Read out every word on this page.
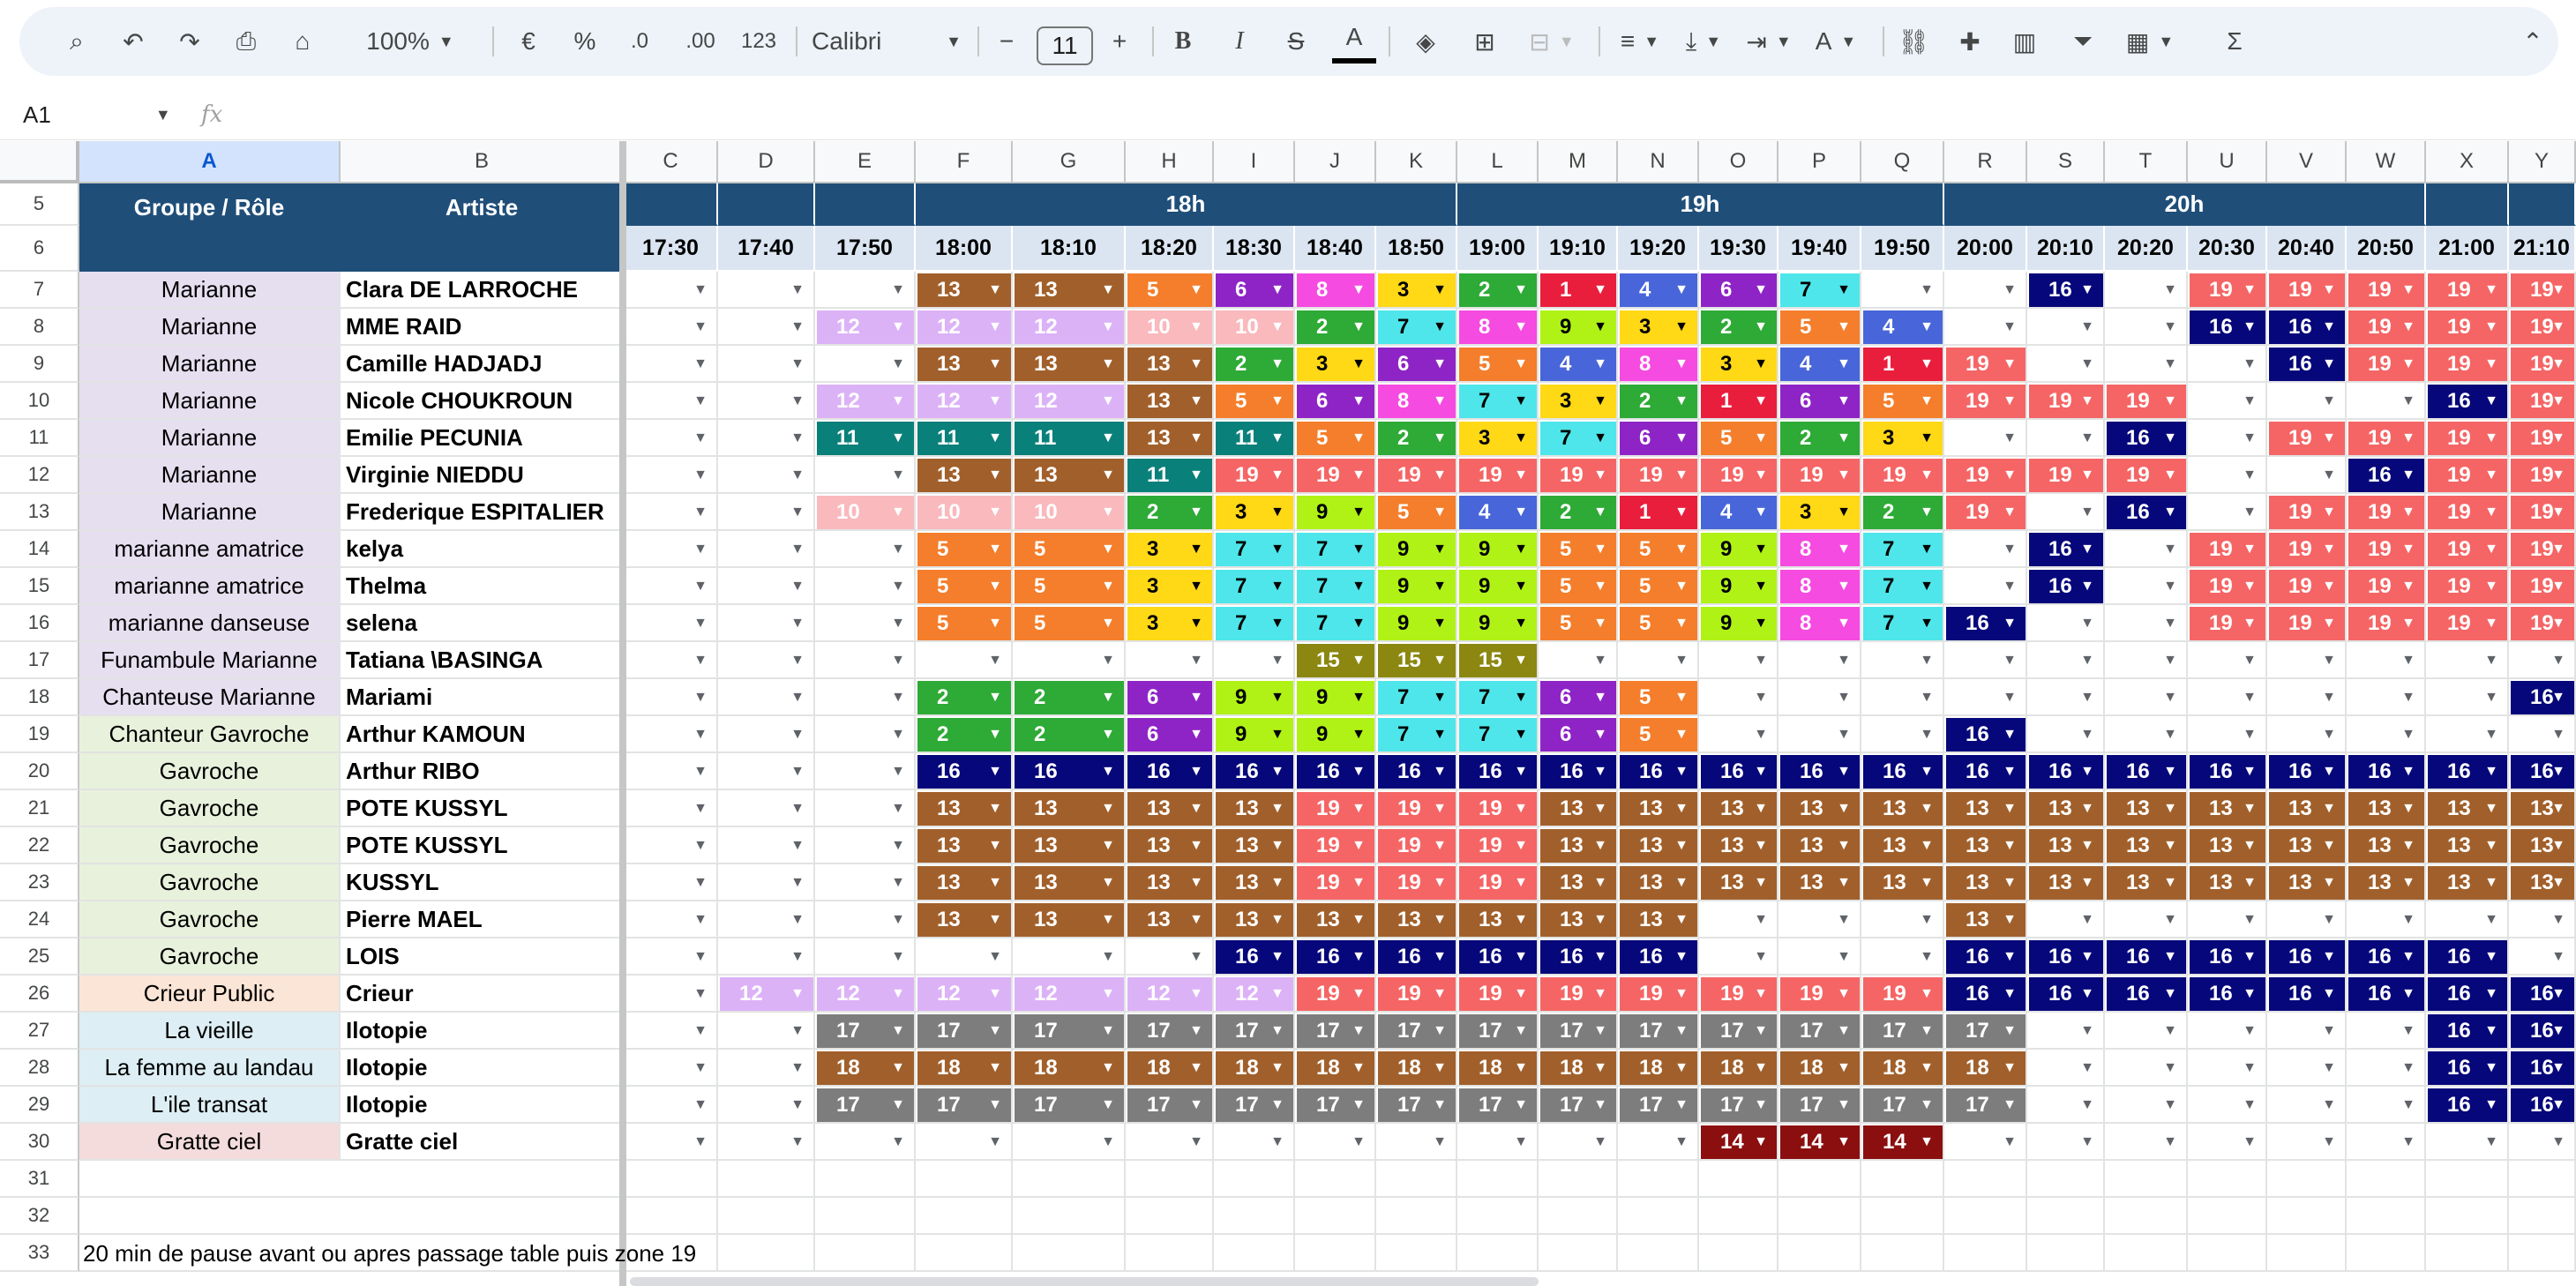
⌕	↶	↷	⎙	⌂	100% ▼	€	%	.0	.00	123 Calibri	▼	−	11	+	B	I	S	A	◈	⊞	⊟ ▼	≡ ▼	⤓ ▼	⇥ ▼ A ▼ ⛓	✚	▥	⏷	▦ ▼	Σ	⌃
A1	▼ fx
A	B	C	D	E	F	G	H	I	J	K	L	M	N	O	P	Q	R	S	T	U	V	W	X	Y
5
6
7
8
9
10
11
12
13
14
15
16
17
18
19
20
21
22
23
24
25
26
27
28
29
30
31
32
33
Groupe / Rôle	Artiste	18h	19h	20h
17:30	17:40	17:50	18:00	18:10	18:20	18:30	18:40	18:50	19:00	19:10	19:20	19:30	19:40	19:50	20:00	20:10	20:20	20:30	20:40	20:50	21:00 21:10
Marianne	Clara DE LARROCHE	▼	▼	▼ 13 ▼ 13	▼ 5 ▼ 6 ▼ 8 ▼ 3 ▼ 2 ▼ 1 ▼ 4 ▼ 6 ▼ 7 ▼	▼	▼ 16 ▼	▼ 19 ▼ 19 ▼ 19 ▼ 19 ▼ 19
▼
Marianne	MME RAID	▼	▼ 12 ▼ 12 ▼ 12	▼ 10 ▼ 10 ▼ 2 ▼ 7 ▼ 8 ▼ 9 ▼ 3 ▼ 2 ▼ 5 ▼ 4 ▼	▼	▼	▼ 16 ▼ 16 ▼ 19 ▼ 19 ▼ 19
▼
Marianne	Camille HADJADJ	▼	▼	▼ 13 ▼ 13	▼ 13 ▼ 2 ▼ 3 ▼ 6 ▼ 5 ▼ 4 ▼ 8 ▼ 3 ▼ 4 ▼ 1 ▼ 19 ▼	▼	▼	▼ 16 ▼ 19 ▼ 19 ▼ 19
▼
Marianne	Nicole CHOUKROUN	▼	▼ 12 ▼ 12 ▼ 12	▼ 13 ▼ 5 ▼ 6 ▼ 8 ▼ 7 ▼ 3 ▼ 2 ▼ 1 ▼ 6 ▼ 5 ▼ 19 ▼ 19 ▼ 19 ▼	▼	▼	▼ 16 ▼ 19
▼
Marianne	Emilie PECUNIA	▼	▼ 11 ▼ 11 ▼ 11	▼ 13 ▼ 11 ▼ 5 ▼ 2 ▼ 3 ▼ 7 ▼ 6 ▼ 5 ▼ 2 ▼ 3 ▼	▼	▼ 16 ▼	▼ 19 ▼ 19 ▼ 19 ▼ 19
▼
Marianne	Virginie NIEDDU	▼	▼	▼ 13 ▼ 13	▼ 11 ▼ 19 ▼ 19 ▼ 19 ▼ 19 ▼ 19 ▼ 19 ▼ 19 ▼ 19 ▼ 19 ▼ 19 ▼ 19 ▼ 19 ▼	▼	▼ 16 ▼ 19 ▼ 19
▼
Marianne	Frederique ESPITALIER	▼	▼ 10 ▼ 10 ▼ 10	▼ 2 ▼ 3 ▼ 9 ▼ 5 ▼ 4 ▼ 2 ▼ 1 ▼ 4 ▼ 3 ▼ 2 ▼ 19 ▼	▼ 16 ▼	▼ 19 ▼ 19 ▼ 19 ▼ 19
▼
marianne amatrice	kelya	▼	▼	▼ 5	▼ 5	▼ 3 ▼ 7 ▼ 7 ▼ 9 ▼ 9 ▼ 5 ▼ 5 ▼ 9 ▼ 8 ▼ 7 ▼	▼ 16 ▼	▼ 19 ▼ 19 ▼ 19 ▼ 19 ▼ 19
▼
marianne amatrice	Thelma	▼	▼	▼ 5	▼ 5	▼ 3 ▼ 7 ▼ 7 ▼ 9 ▼ 9 ▼ 5 ▼ 5 ▼ 9 ▼ 8 ▼ 7 ▼	▼ 16 ▼	▼ 19 ▼ 19 ▼ 19 ▼ 19 ▼ 19
▼
marianne danseuse	selena	▼	▼	▼ 5	▼ 5	▼ 3 ▼ 7 ▼ 7 ▼ 9 ▼ 9 ▼ 5 ▼ 5 ▼ 9 ▼ 8 ▼ 7 ▼ 16 ▼	▼	▼ 19 ▼ 19 ▼ 19 ▼ 19 ▼ 19
▼
Funambule Marianne	Tatiana \BASINGA	▼	▼	▼	▼	▼	▼	▼ 15 ▼ 15 ▼ 15 ▼	▼	▼	▼	▼	▼	▼	▼	▼	▼	▼	▼	▼	▼
Chanteuse Marianne	Mariami	▼	▼	▼ 2	▼ 2	▼ 6 ▼ 9 ▼ 9 ▼ 7 ▼ 7 ▼ 6 ▼ 5 ▼	▼	▼	▼	▼	▼	▼	▼	▼	▼	▼ 16
▼
Chanteur Gavroche	Arthur KAMOUN	▼	▼	▼ 2	▼ 2	▼ 6 ▼ 9 ▼ 9 ▼ 7 ▼ 7 ▼ 6 ▼ 5 ▼	▼	▼	▼ 16 ▼	▼	▼	▼	▼	▼	▼	▼
Gavroche	Arthur RIBO	▼	▼	▼ 16 ▼ 16	▼ 16 ▼ 16 ▼ 16 ▼ 16 ▼ 16 ▼ 16 ▼ 16 ▼ 16 ▼ 16 ▼ 16 ▼ 16 ▼ 16 ▼ 16 ▼ 16 ▼ 16 ▼ 16 ▼ 16 ▼ 16
▼
Gavroche	POTE KUSSYL	▼	▼	▼ 13 ▼ 13	▼ 13 ▼ 13 ▼ 19 ▼ 19 ▼ 19 ▼ 13 ▼ 13 ▼ 13 ▼ 13 ▼ 13 ▼ 13 ▼ 13 ▼ 13 ▼ 13 ▼ 13 ▼ 13 ▼ 13 ▼ 13
▼
Gavroche	POTE KUSSYL	▼	▼	▼ 13 ▼ 13	▼ 13 ▼ 13 ▼ 19 ▼ 19 ▼ 19 ▼ 13 ▼ 13 ▼ 13 ▼ 13 ▼ 13 ▼ 13 ▼ 13 ▼ 13 ▼ 13 ▼ 13 ▼ 13 ▼ 13 ▼ 13
▼
Gavroche	KUSSYL	▼	▼	▼ 13 ▼ 13	▼ 13 ▼ 13 ▼ 19 ▼ 19 ▼ 19 ▼ 13 ▼ 13 ▼ 13 ▼ 13 ▼ 13 ▼ 13 ▼ 13 ▼ 13 ▼ 13 ▼ 13 ▼ 13 ▼ 13 ▼ 13
▼
Gavroche	Pierre MAEL	▼	▼	▼ 13 ▼ 13	▼ 13 ▼ 13 ▼ 13 ▼ 13 ▼ 13 ▼ 13 ▼ 13 ▼	▼	▼	▼ 13 ▼	▼	▼	▼	▼	▼	▼	▼
Gavroche	LOIS	▼	▼	▼	▼	▼	▼ 16 ▼ 16 ▼ 16 ▼ 16 ▼ 16 ▼ 16 ▼	▼	▼	▼ 16 ▼ 16 ▼ 16 ▼ 16 ▼ 16 ▼ 16 ▼ 16 ▼	▼
Crieur Public	Crieur	▼ 12 ▼ 12 ▼ 12 ▼ 12	▼ 12 ▼ 12 ▼ 19 ▼ 19 ▼ 19 ▼ 19 ▼ 19 ▼ 19 ▼ 19 ▼ 19 ▼ 16 ▼ 16 ▼ 16 ▼ 16 ▼ 16 ▼ 16 ▼ 16 ▼ 16
▼
La vieille	Ilotopie	▼	▼ 17 ▼ 17 ▼ 17	▼ 17 ▼ 17 ▼ 17 ▼ 17 ▼ 17 ▼ 17 ▼ 17 ▼ 17 ▼ 17 ▼ 17 ▼ 17 ▼	▼	▼	▼	▼	▼ 16 ▼ 16
▼
La femme au landau	Ilotopie	▼	▼ 18 ▼ 18 ▼ 18	▼ 18 ▼ 18 ▼ 18 ▼ 18 ▼ 18 ▼ 18 ▼ 18 ▼ 18 ▼ 18 ▼ 18 ▼ 18 ▼	▼	▼	▼	▼	▼ 16 ▼ 16
▼
L'ile transat	Ilotopie	▼	▼ 17 ▼ 17 ▼ 17	▼ 17 ▼ 17 ▼ 17 ▼ 17 ▼ 17 ▼ 17 ▼ 17 ▼ 17 ▼ 17 ▼ 17 ▼ 17 ▼	▼	▼	▼	▼	▼ 16 ▼ 16
▼
Gratte ciel	Gratte ciel	▼	▼	▼	▼	▼	▼	▼	▼	▼	▼	▼	▼ 14 ▼ 14 ▼ 14 ▼	▼	▼	▼	▼	▼	▼	▼	▼
20 min de pause avant ou apres passage table puis zone 19
